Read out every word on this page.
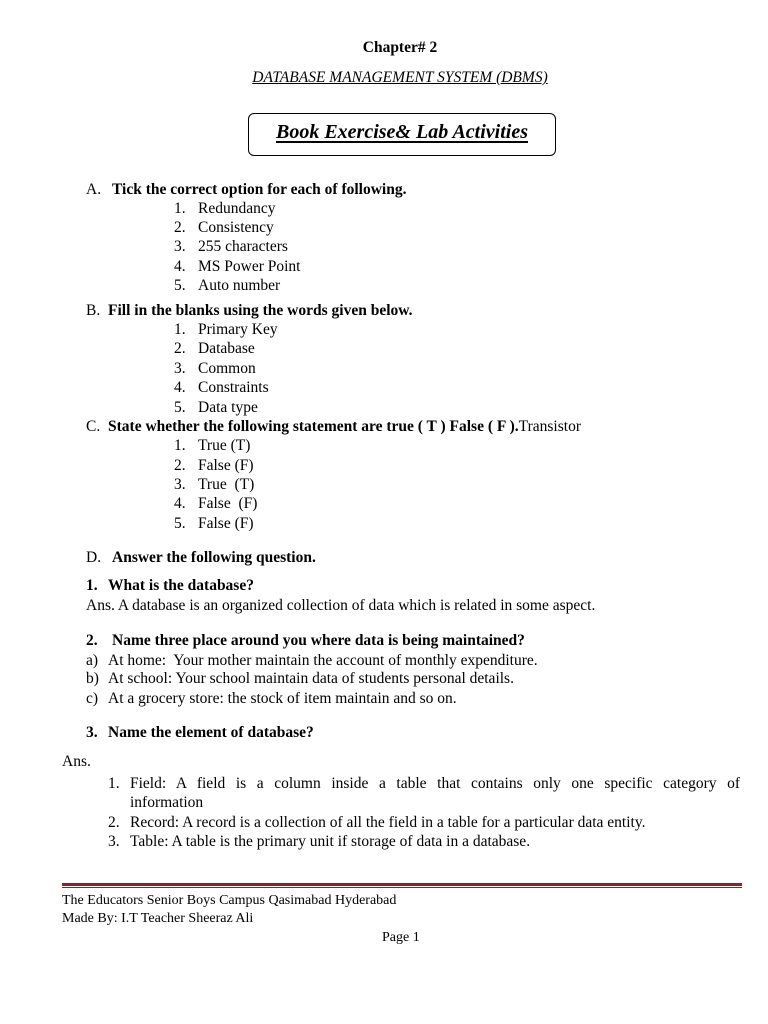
Chapter# 2
DATABASE MANAGEMENT SYSTEM (DBMS)
Book Exercise& Lab Activities
A. Tick the correct option for each of following.
1. Redundancy
2. Consistency
3. 255 characters
4. MS Power Point
5. Auto number
B. Fill in the blanks using the words given below.
1. Primary Key
2. Database
3. Common
4. Constraints
5. Data type
C. State whether the following statement are true ( T ) False ( F ).Transistor
1. True (T)
2. False (F)
3. True  (T)
4. False  (F)
5. False (F)
D. Answer the following question.
1. What is the database?
Ans. A database is an organized collection of data which is related in some aspect.
2. Name three place around you where data is being maintained?
a) At home:  Your mother maintain the account of monthly expenditure.
b) At school: Your school maintain data of students personal details.
c) At a grocery store: the stock of item maintain and so on.
3. Name the element of database?
Ans.
1. Field: A field is a column inside a table that contains only one specific category of
information
2. Record: A record is a collection of all the field in a table for a particular data entity.
3. Table: A table is the primary unit if storage of data in a database.
The Educators Senior Boys Campus Qasimabad Hyderabad
Made By: I.T Teacher Sheeraz Ali
Page 1
